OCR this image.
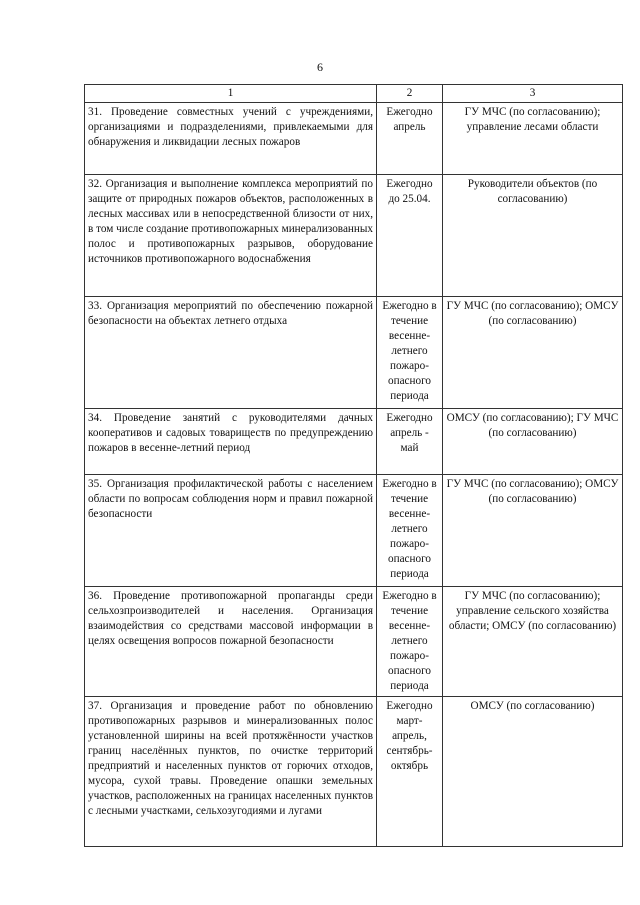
6
1	2	3
31. Проведение совместных учений с учреждениями, организациями и подразделениями, привлекаемыми для обнаружения и ликвидации лесных пожаров	Ежегодно апрель	ГУ МЧС (по согласованию); управление лесами области
32. Организация и выполнение комплекса мероприятий по защите от природных пожаров объектов, расположенных в лесных массивах или в непосредственной близости от них, в том числе создание противопожарных минерализованных полос и противопожарных разрывов, оборудование источников противопожарного водоснабжения	Ежегодно до 25.04.	Руководители объектов (по согласованию)
33. Организация мероприятий по обеспечению пожарной безопасности на объектах летнего отдыха	Ежегодно в течение весенне-летнего пожаро-опасного периода	ГУ МЧС (по согласованию); ОМСУ (по согласованию)
34. Проведение занятий с руководителями дачных кооперативов и садовых товариществ по предупреждению пожаров в весенне-летний период	Ежегодно апрель - май	ОМСУ (по согласованию); ГУ МЧС (по согласованию)
35. Организация профилактической работы с населением области по вопросам соблюдения норм и правил пожарной безопасности	Ежегодно в течение весенне-летнего пожаро-опасного периода	ГУ МЧС (по согласованию); ОМСУ (по согласованию)
36. Проведение противопожарной пропаганды среди сельхозпроизводителей и населения. Организация взаимодействия со средствами массовой информации в целях освещения вопросов пожарной безопасности	Ежегодно в течение весенне-летнего пожаро-опасного периода	ГУ МЧС (по согласованию); управление сельского хозяйства области; ОМСУ (по согласованию)
37. Организация и проведение работ по обновлению противопожарных разрывов и минерализованных полос установленной ширины на всей протяжённости участков границ населённых пунктов, по очистке территорий предприятий и населенных пунктов от горючих отходов, мусора, сухой травы. Проведение опашки земельных участков, расположенных на границах населенных пунктов с лесными участками, сельхозугодиями и лугами	Ежегодно март-апрель, сентябрь-октябрь	ОМСУ (по согласованию)
